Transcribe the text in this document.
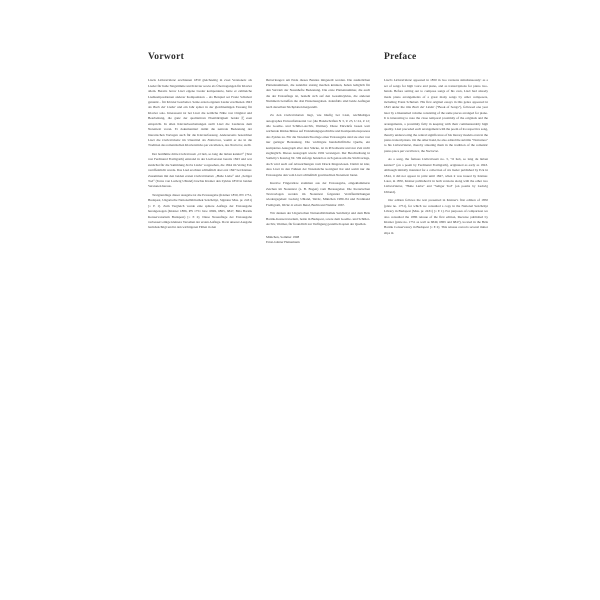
Vorwort

Liszts Liebesträume erschienen 1850 gleichzeitig in zwei Versionen: als Lieder für hohe Singstimme und Klavier sowie als Übertragungen für Klavier allein. Bereits bevor Liszt eigene Lieder komponierte, hatte er zahlreiche Liedkompositionen anderer Komponisten – als Beispiel sei Franz Schubert genannt – für Klavier bearbeitet. Seine ersten eigenen Lieder erschienen 1843 als Buch der Lieder und ein Jahr später in der gleichnamigen Fassung für Klavier solo. Interessant ist bei Liszt die zeitliche Nähe von Original und Bearbeitung, die ganz der qualitativen Ebenbürtigkeit beider元esen entspricht. In allen Klavierbearbeitungen stellt Liszt die Liedtexte dem Notentext voran. Er dokumentiert damit die zentrale Bedeutung der literarischen Vorlagen auch für die Klavierfassung. Andererseits bezeichnet Liszt die Liebesträume im Untertitel als Notturnos, womit er sie in die Tradition des romantischen Klavierstücks par excellence, des Nocturne, stellt.

Der berühmte dritte Liebestraum „O lieb, so lang die lieben kannst!“ (Text von Ferdinand Freiligrath) entstand in der Liedversion bereits 1843 und war zunächst für die Sammlung Sechs Lieder vorgesehen, die 1844 im Verlag Eck veröffentlicht wurde. Das Lied erschien schließlich aber erst 1847 bei Kistner. Zusammen mit den beiden ersten Liebesträumen „Hohe Liebe“ und „Seliger Tod“ (Texte von Ludwig Uhland) brachte Kistner den Zyklus 1850 in beiden Versionen heraus.

Textgrundlage dieser Ausgabe ist die Erstausgabe (Kistner 1850, PN 1751, Budapest, Ungarische Nationalbibliothek Széchényi, Signatur Mus. pr. 2431) [= E 1]. Zum Vergleich wurde eine spätere Auflage der Erstausgabe herangezogen (Kistner 1886, PN 1751 bzw. 6849, 6865, 6847, Béla Bartók Konservatorium Budapest) [= E 2]. Diese Neuauflage der Erstausgabe verbessert einige kleinere Versehen der ersten Auflage. Da in unserer Ausgabe berücksichtigt und in den wichtigeren Fällen in den

Bemerkungen am Ende dieses Bandes mitgeteilt werden. Die zusätzlichen Plattennummern, die zunächst stutzig machen könnten, haben lediglich für den Vertrieb der Notenhefte Bedeutung. Die erste Plattennummer, die auch die der Erstauflage ist, bezieht sich auf den Gesamtzyklus, die anderen Nummern betreffen die drei Einzelausgaben. Jedenfalls sind beide Auflagen nach derselben Stichplatten hergestellt.

Zu den Liebesträumen liegt, wie häufig bei Liszt, reichhaltiges autographes Entwurfsmaterial vor (die Handschriften N 3, U 23, U 24, Z 12; alle Goethe- und Schiller-Archiv, Weimar). Diese Entwürfe lassen weit reichende Rückschlüsse auf Entstehungsgeschichte und Kompositionsprozess des Zyklus zu. Für die Notenstichvorlage einer Erstausgabe sind sie aber von nur geringer Bedeutung. Die wichtigste handschriftliche Quelle, ein komplettes Autograph aller drei Stücke, ist in Privatbesitz und nur Zeit nicht zugänglich. Dieses Autograph wurde 1992 versteigert. Der Beschreibung in Sotheby's Katalog Nr. 569 zufolge handelt es sich genau um die Stichvorlage, doch wird auch auf Abweichungen vom Druck hingewiesen. Damit ist klar, dass Liszt in den Fahnen der Notenstiche korrigiert hat und somit nur die Erstausgabe den vom Liszt schließlich gewünschten Notentext bietet.

Kursive Fingersätze stammen aus der Erstausgabe, eingeklammerte Zeichen im Notentext (z. B. Bogen) vom Herausgeber. Die literarischen Textvorlagen werden im Notentext folgender Veröffentlichungen wiedergegeben: Ludwig Uhland, Werke, München 1980–84 und Ferdinand Freiligrath, Werke in einem Band, Berlin und Weimar 1967.

Wir danken der Ungarischen Nationalbibliothek Széchényi und dem Béla Bartók-Konservatorium, beide in Budapest, sowie dem Goethe- und Schiller-Archiv, Weimar, für freundlich zur Verfügung gestellte Kopien der Quellen.

München, Sommer 1998
Ernst-Günter Heinemann
Preface

Liszt's Liebesträume appeared in 1850 in two versions simultaneously: as a set of songs for high voice and piano, and as transcriptions for piano two-hands. Before setting out to compose songs of his own, Liszt had already made piano arrangements of a great many songs by other composers, including Franz Schubert. His first original essays in this genre appeared in 1843 under the title Buch der Lieder ("Book of Songs"), followed one year later by a likenamed volume consisting of the same pieces arranged for piano. It is interesting to note the close temporal proximity of the originals and the arrangements, a proximity fully in keeping with their commensurably high quality. Liszt preceded each arrangement with the poem of its respective song, thereby underscoring the central significance of his literary models even in the piano transcriptions. On the other hand, he also added the subtitle "Notturnos" to his Liebesträume, thereby situating them in the tradition of the romantic piano piece par excellence, the Nocturne.

As a song, the famous Liebestraum no. 3, "O lieb, so lang du lieben kannst!" (on a poem by Ferdinand Freiligrath), originated as early as 1843. Although initially intended for a collection of six lieder published by Eck in 1844, it did not appear in print until 1847, when it was issued by Kistner. Later, in 1850, Kistner published it in both versions along with the other two Liebesträume, "Hohe Liebe" and "Seliger Tod" (on poems by Ludwig Uhland).

Our edition follows the text presented in Kistner's first edition of 1850 (plate no. 1751), for which we consulted a copy in the National Széchényi Library in Budapest (Mus. pr. 2431) [= E 1]. For purposes of comparison we also consulted the 1886 reissue of the first edition, likewise published by Kistner (plate no. 1751 as well as 6849, 6865 and 6847), located in the Béla Bartók Conservatory in Budapest [= E 2]. This reissue corrects several minor slips in
